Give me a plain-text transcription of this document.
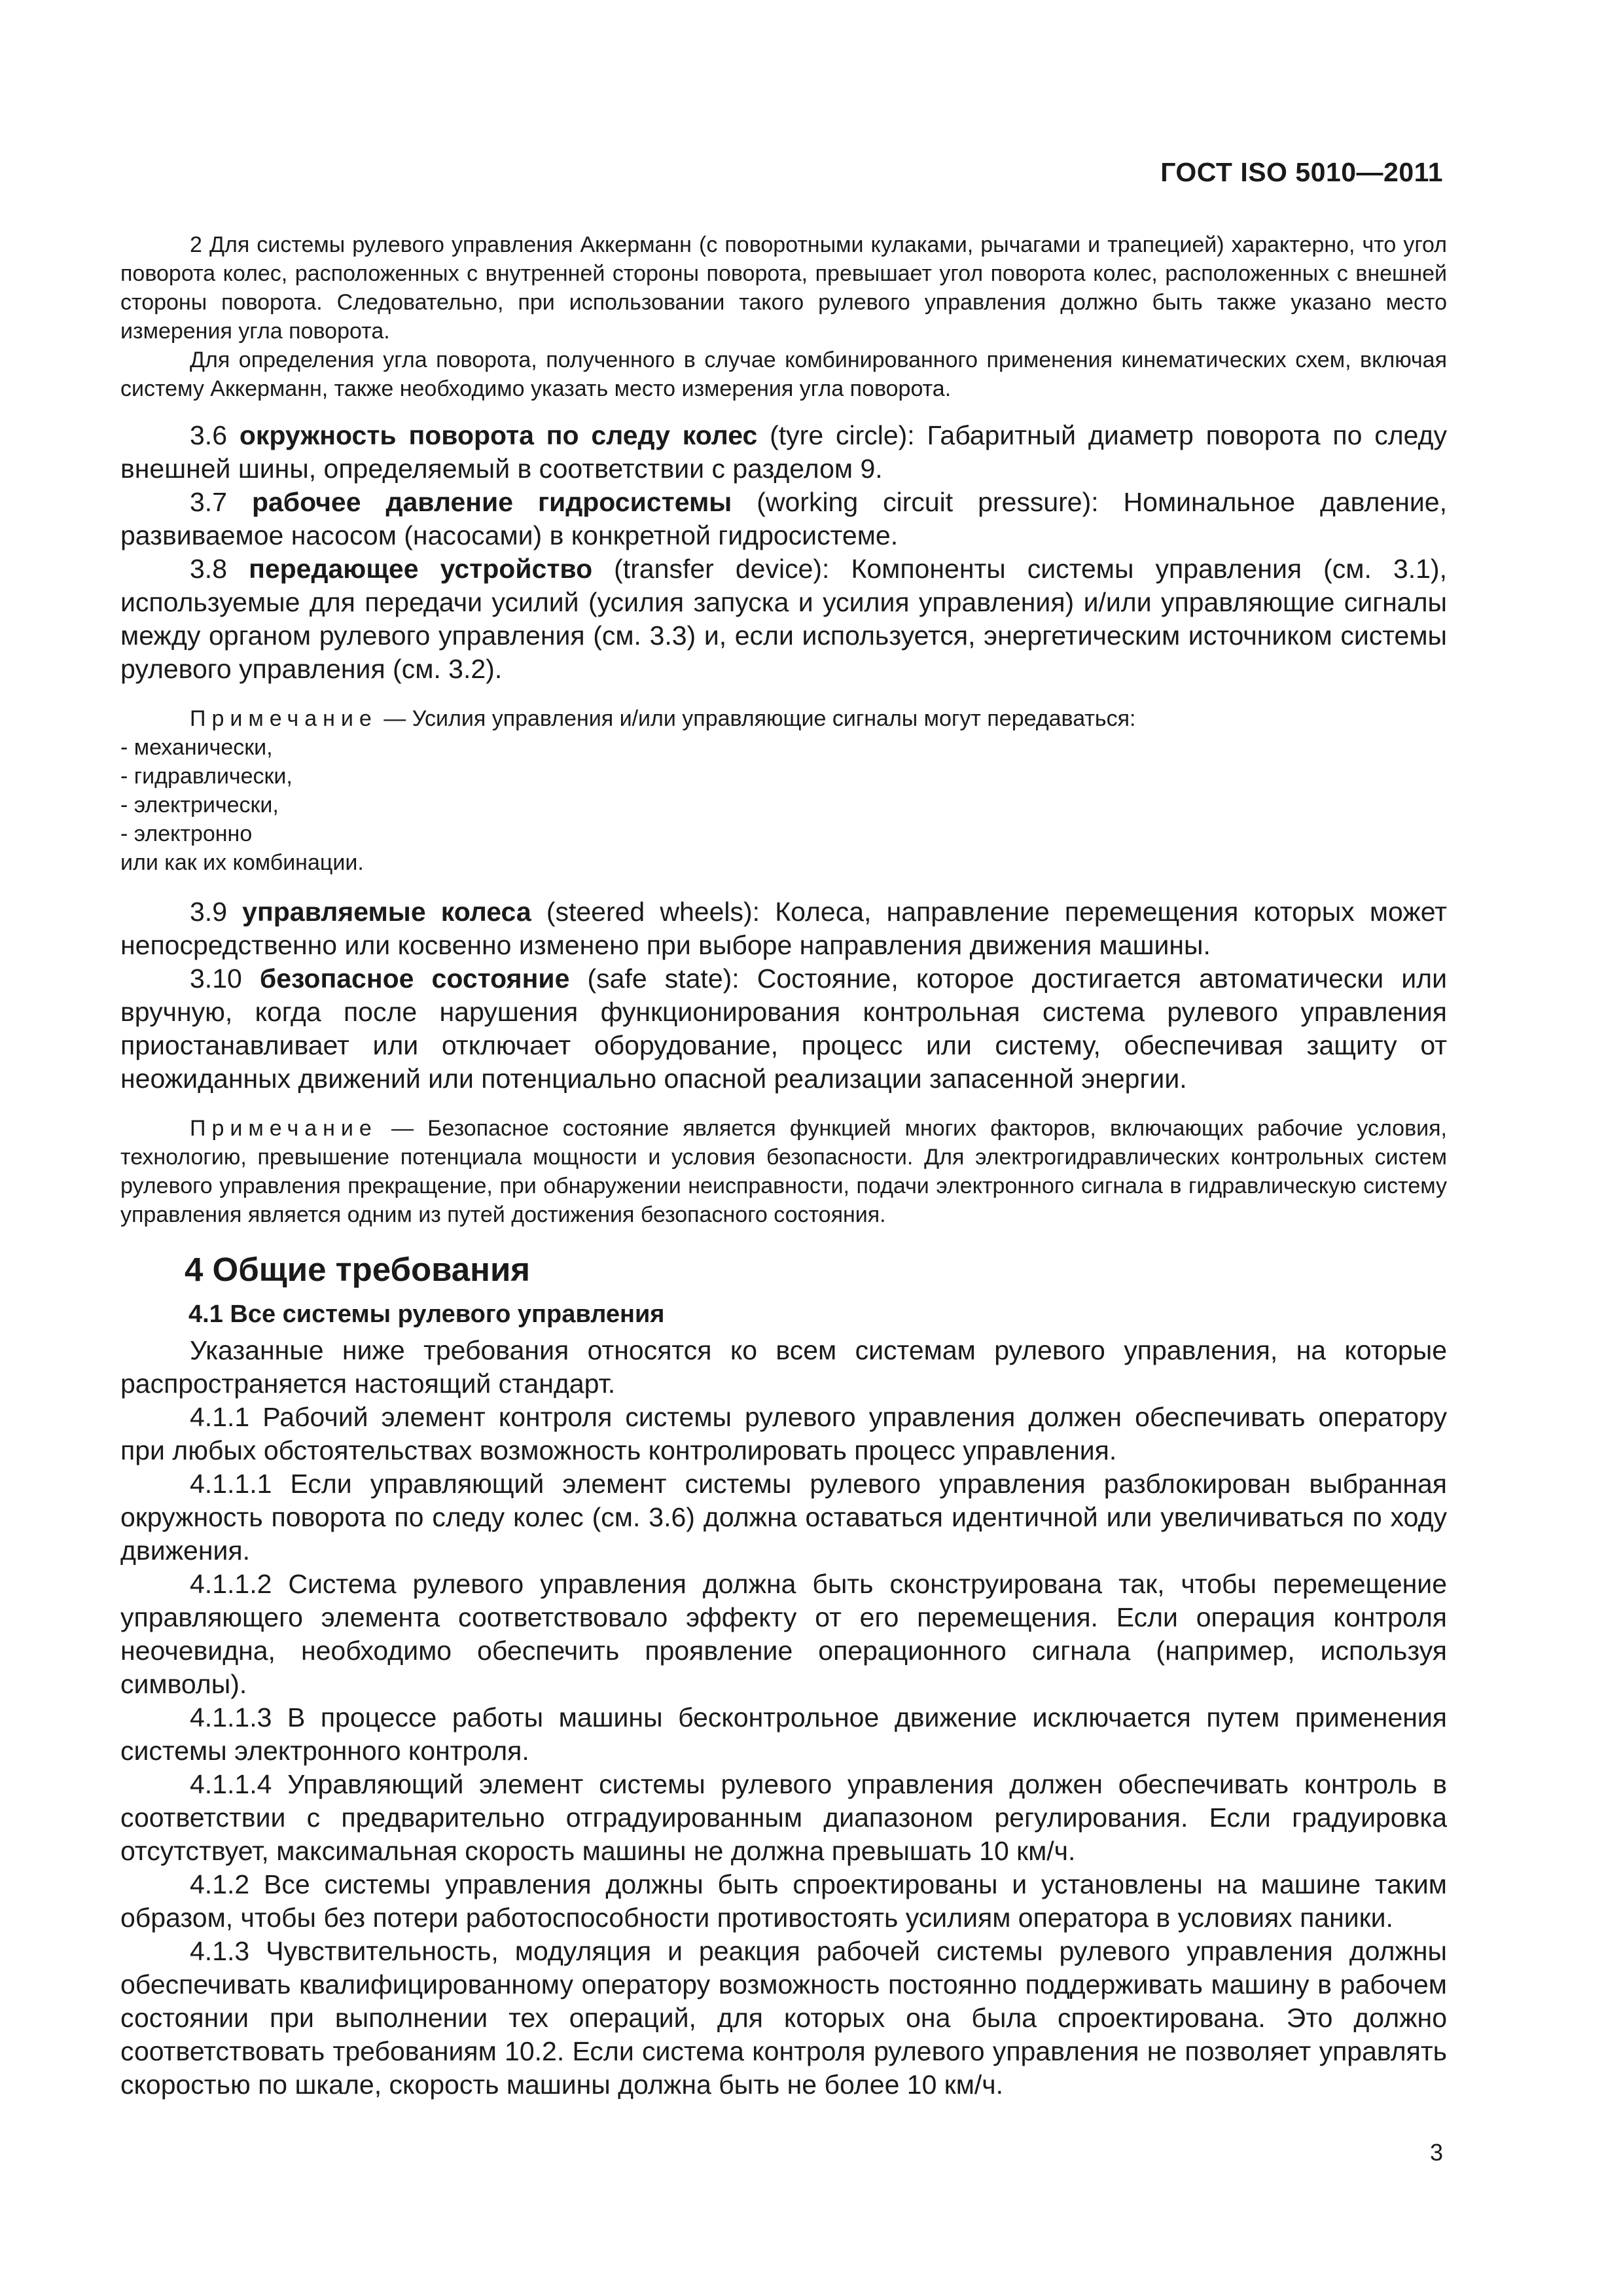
ГОСТ ISO 5010—2011

2 Для системы рулевого управления Аккерманн (с поворотными кулаками, рычагами и трапецией) характерно, что угол поворота колес, расположенных с внутренней стороны поворота, превышает угол поворота колес, расположенных с внешней стороны поворота. Следовательно, при использовании такого рулевого управления должно быть также указано место измерения угла поворота.

Для определения угла поворота, полученного в случае комбинированного применения кинематических схем, включая систему Аккерманн, также необходимо указать место измерения угла поворота.

3.6 окружность поворота по следу колес (tyre circle): Габаритный диаметр поворота по следу внешней шины, определяемый в соответствии с разделом 9.

3.7 рабочее давление гидросистемы (working circuit pressure): Номинальное давление, развиваемое насосом (насосами) в конкретной гидросистеме.

3.8 передающее устройство (transfer device): Компоненты системы управления (см. 3.1), используемые для передачи усилий (усилия запуска и усилия управления) и/или управляющие сигналы между органом рулевого управления (см. 3.3) и, если используется, энергетическим источником системы рулевого управления (см. 3.2).

Примечание — Усилия управления и/или управляющие сигналы могут передаваться:

- механически,

- гидравлически,

- электрически,

- электронно

или как их комбинации.

3.9 управляемые колеса (steered wheels): Колеса, направление перемещения которых может непосредственно или косвенно изменено при выборе направления движения машины.

3.10 безопасное состояние (safe state): Состояние, которое достигается автоматически или вручную, когда после нарушения функционирования контрольная система рулевого управления приостанавливает или отключает оборудование, процесс или систему, обеспечивая защиту от неожиданных движений или потенциально опасной реализации запасенной энергии.

Примечание — Безопасное состояние является функцией многих факторов, включающих рабочие условия, технологию, превышение потенциала мощности и условия безопасности. Для электрогидравлических контрольных систем рулевого управления прекращение, при обнаружении неисправности, подачи электронного сигнала в гидравлическую систему управления является одним из путей достижения безопасного состояния.

4 Общие требования
4.1 Все системы рулевого управления

Указанные ниже требования относятся ко всем системам рулевого управления, на которые распространяется настоящий стандарт.

4.1.1 Рабочий элемент контроля системы рулевого управления должен обеспечивать оператору при любых обстоятельствах возможность контролировать процесс управления.

4.1.1.1 Если управляющий элемент системы рулевого управления разблокирован выбранная окружность поворота по следу колес (см. 3.6) должна оставаться идентичной или увеличиваться по ходу движения.

4.1.1.2 Система рулевого управления должна быть сконструирована так, чтобы перемещение управляющего элемента соответствовало эффекту от его перемещения. Если операция контроля неочевидна, необходимо обеспечить проявление операционного сигнала (например, используя символы).

4.1.1.3 В процессе работы машины бесконтрольное движение исключается путем применения системы электронного контроля.

4.1.1.4 Управляющий элемент системы рулевого управления должен обеспечивать контроль в соответствии с предварительно отградуированным диапазоном регулирования. Если градуировка отсутствует, максимальная скорость машины не должна превышать 10 км/ч.

4.1.2 Все системы управления должны быть спроектированы и установлены на машине таким образом, чтобы без потери работоспособности противостоять усилиям оператора в условиях паники.

4.1.3 Чувствительность, модуляция и реакция рабочей системы рулевого управления должны обеспечивать квалифицированному оператору возможность постоянно поддерживать машину в рабочем состоянии при выполнении тех операций, для которых она была спроектирована. Это должно соответствовать требованиям 10.2. Если система контроля рулевого управления не позволяет управлять скоростью по шкале, скорость машины должна быть не более 10 км/ч.

3
